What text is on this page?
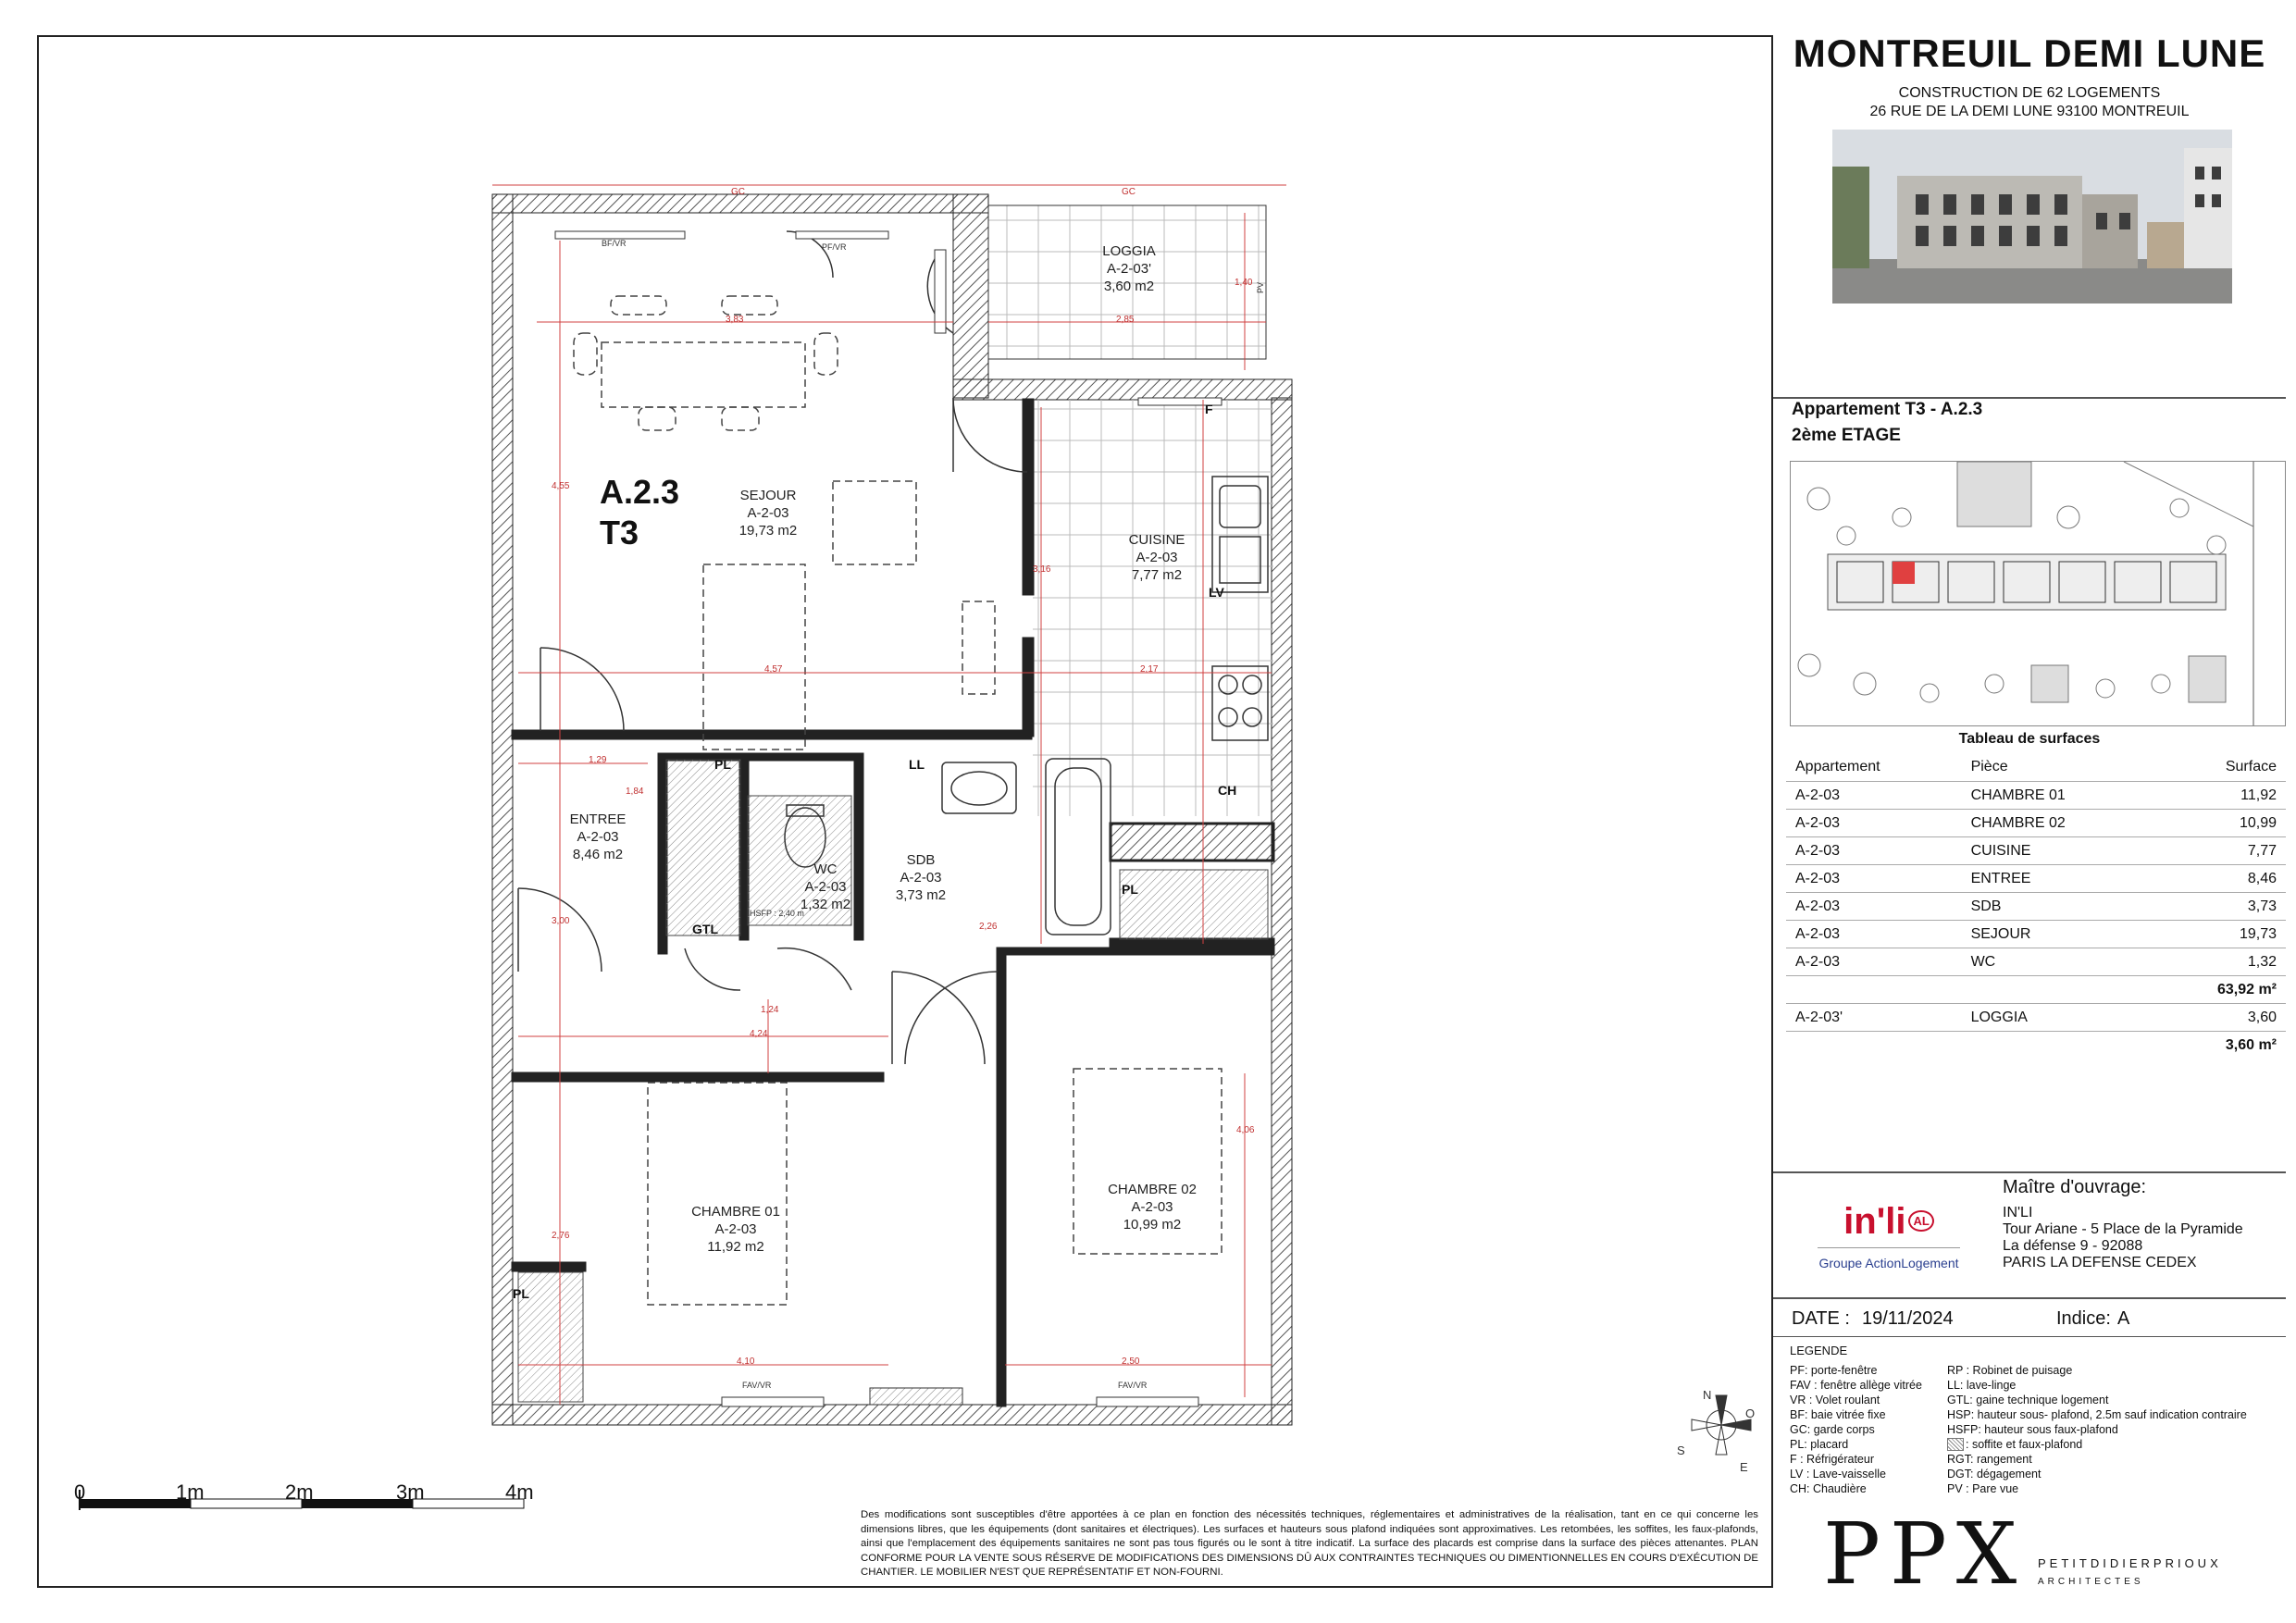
A.2.3
T3
SEJOUR
A-2-03
19,73 m2
LOGGIA
A-2-03'
3,60 m2
CUISINE
A-2-03
7,77 m2
ENTREE
A-2-03
8,46 m2
WC
A-2-03
1,32 m2
SDB
A-2-03
3,73 m2
CHAMBRE 01
A-2-03
11,92 m2
CHAMBRE 02
A-2-03
10,99 m2
PL	LL
GTL
PL
PL
LV
CH
F
PV
BF/VR	PF/VR
FAV/VR	FAV/VR
HSFP : 2,40 m
3,83	2,85
4,55
4,57	2,17
3,16
1,29
1,84
3,00
2,26
4,24
1,24
2,76
4,10	2,50
1,40
4,06
GC	GC
0	1m	2m	3m	4m
N
E
S
O
Des modifications sont susceptibles d'être apportées à ce plan en fonction des nécessités techniques, réglementaires et administratives de la réalisation, tant en ce qui concerne les dimensions libres, que les équipements (dont sanitaires et électriques). Les surfaces et hauteurs sous plafond indiquées sont approximatives. Les retombées, les soffites, les faux-plafonds, ainsi que l'emplacement des équipements sanitaires ne sont pas tous figurés ou le sont à titre indicatif. La surface des placards est comprise dans la surface des pièces attenantes. PLAN CONFORME POUR LA VENTE SOUS RÉSERVE DE MODIFICATIONS DES DIMENSIONS DÛ AUX CONTRAINTES TECHNIQUES OU DIMENTIONNELLES EN COURS D'EXÉCUTION DE CHANTIER. LE MOBILIER N'EST QUE REPRÉSENTATIF ET NON-FOURNI.
MONTREUIL DEMI LUNE
CONSTRUCTION DE 62 LOGEMENTS
26 RUE DE LA DEMI LUNE 93100 MONTREUIL
Appartement T3 - A.2.3
2ème ETAGE
Tableau de surfaces
Appartement	Pièce	Surface
A-2-03	CHAMBRE 01	11,92
A-2-03	CHAMBRE 02	10,99
A-2-03	CUISINE	7,77
A-2-03	ENTREE	8,46
A-2-03	SDB	3,73
A-2-03	SEJOUR	19,73
A-2-03	WC	1,32
		63,92 m²
A-2-03'	LOGGIA	3,60
		3,60 m²
in'li $^{AL}$
Groupe ActionLogement
Maître d'ouvrage:
IN'LI
Tour Ariane - 5 Place de la Pyramide
La défense 9 - 92088
PARIS LA DEFENSE CEDEX
DATE : 19/11/2024	Indice: A
LEGENDE
PF: porte-fenêtre
FAV : fenêtre allège vitrée
VR : Volet roulant
BF: baie vitrée fixe
GC: garde corps
PL: placard
F : Réfrigérateur
LV : Lave-vaisselle
CH: Chaudière
RP : Robinet de puisage
LL: lave-linge
GTL: gaine technique logement
HSP: hauteur sous- plafond, 2.5m sauf indication contraire
HSFP: hauteur sous faux-plafond
: soffite et faux-plafond
RGT: rangement
DGT: dégagement
PV : Pare vue
PPX PETITDIDIERPRIOUX
ARCHITECTES
